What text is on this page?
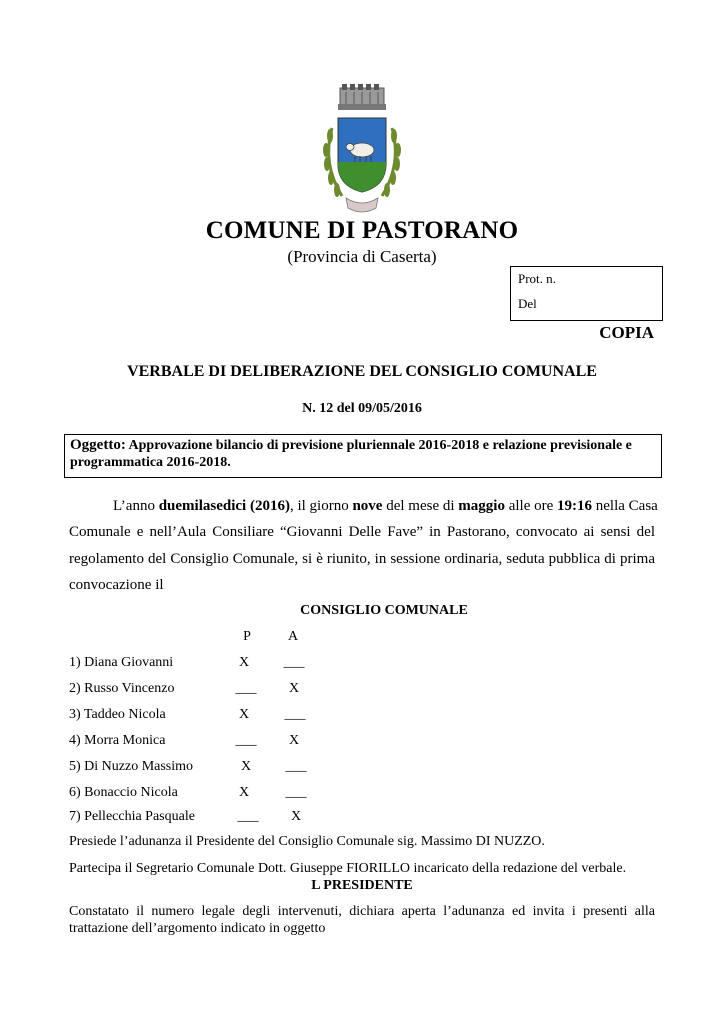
COMUNE DI PASTORANO
(Provincia di Caserta)
Prot. n.
Del
COPIA
VERBALE DI DELIBERAZIONE DEL CONSIGLIO COMUNALE
N. 12 del 09/05/2016
Oggetto: Approvazione bilancio di previsione pluriennale 2016-2018 e relazione previsionale e programmatica 2016-2018.
L’anno duemilasedici (2016), il giorno nove del mese di maggio alle ore 19:16 nella Casa
Comunale e nell’Aula Consiliare “Giovanni Delle Fave” in Pastorano, convocato ai sensi del
regolamento del Consiglio Comunale, si è riunito, in sessione ordinaria, seduta pubblica di prima
convocazione il
CONSIGLIO COMUNALE
P	A
1) Diana Giovanni	X	___
2) Russo Vincenzo	___	X
3) Taddeo Nicola	X	___
4) Morra Monica	___	X
5) Di Nuzzo Massimo	X	___
6) Bonaccio Nicola	X	___
7) Pellecchia Pasquale	___	X
Presiede l’adunanza il Presidente del Consiglio Comunale sig. Massimo DI NUZZO.
Partecipa il Segretario Comunale Dott. Giuseppe FIORILLO incaricato della redazione del verbale.
L PRESIDENTE
Constatato il numero legale degli intervenuti, dichiara aperta l’adunanza ed invita i presenti alla trattazione dell’argomento indicato in oggetto
